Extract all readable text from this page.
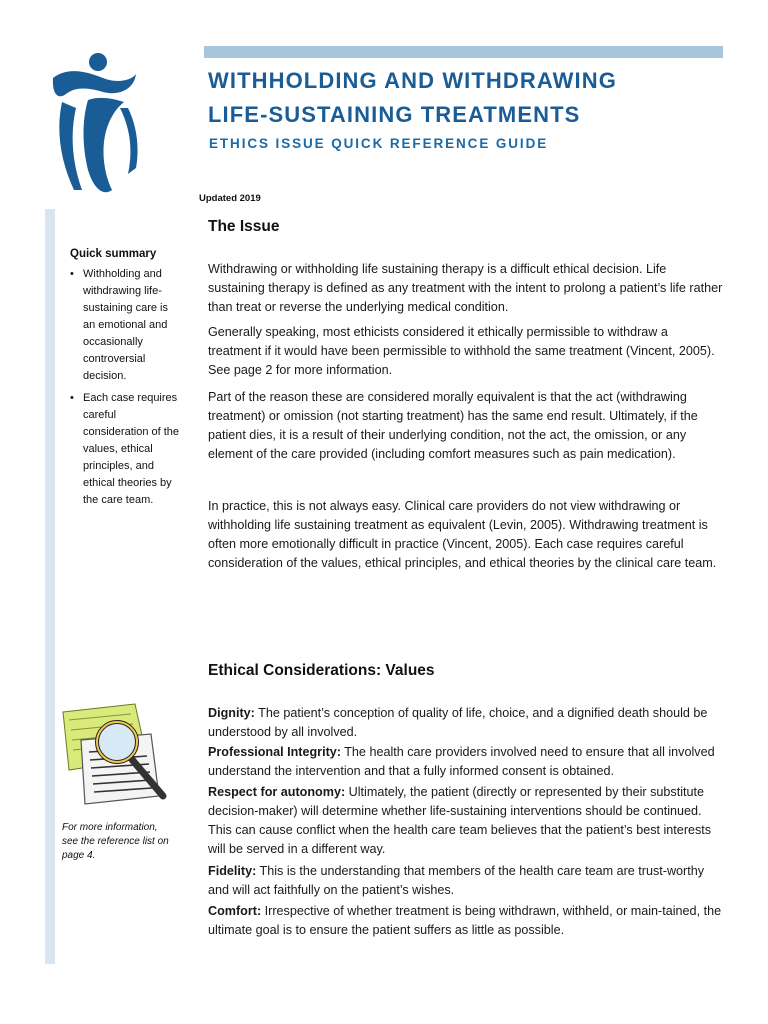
WITHHOLDING AND WITHDRAWING
LIFE-SUSTAINING TREATMENTS
ETHICS ISSUE QUICK REFERENCE GUIDE
Updated 2019
Quick summary
• Withholding and withdrawing life-sustaining care is an emotional and occasionally controversial decision.
• Each case requires careful consideration of the values, ethical principles, and ethical theories by the care team.
For more information, see the reference list on page 4.
The Issue

Withdrawing or withholding life sustaining therapy is a difficult ethical decision. Life sustaining therapy is defined as any treatment with the intent to prolong a patient’s life rather than treat or reverse the underlying medical condition.

Generally speaking, most ethicists considered it ethically permissible to withdraw a treatment if it would have been permissible to withhold the same treatment (Vincent, 2005). See page 2 for more information.

Part of the reason these are considered morally equivalent is that the act (withdrawing treatment) or omission (not starting treatment) has the same end result. Ultimately, if the patient dies, it is a result of their underlying condition, not the act, the omission, or any element of the care provided (including comfort measures such as pain medication).

In practice, this is not always easy. Clinical care providers do not view withdrawing or withholding life sustaining treatment as equivalent (Levin, 2005). Withdrawing treatment is often more emotionally difficult in practice (Vincent, 2005). Each case requires careful consideration of the values, ethical principles, and ethical theories by the clinical care team.

Ethical Considerations: Values

Dignity: The patient’s conception of quality of life, choice, and a dignified death should be understood by all involved.

Professional Integrity: The health care providers involved need to ensure that all involved understand the intervention and that a fully informed consent is obtained.

Respect for autonomy: Ultimately, the patient (directly or represented by their substitute decision-maker) will determine whether life-sustaining interventions should be continued. This can cause conflict when the health care team believes that the patient’s best interests will be served in a different way.

Fidelity: This is the understanding that members of the health care team are trust-worthy and will act faithfully on the patient’s wishes.

Comfort: Irrespective of whether treatment is being withdrawn, withheld, or main-tained, the ultimate goal is to ensure the patient suffers as little as possible.
